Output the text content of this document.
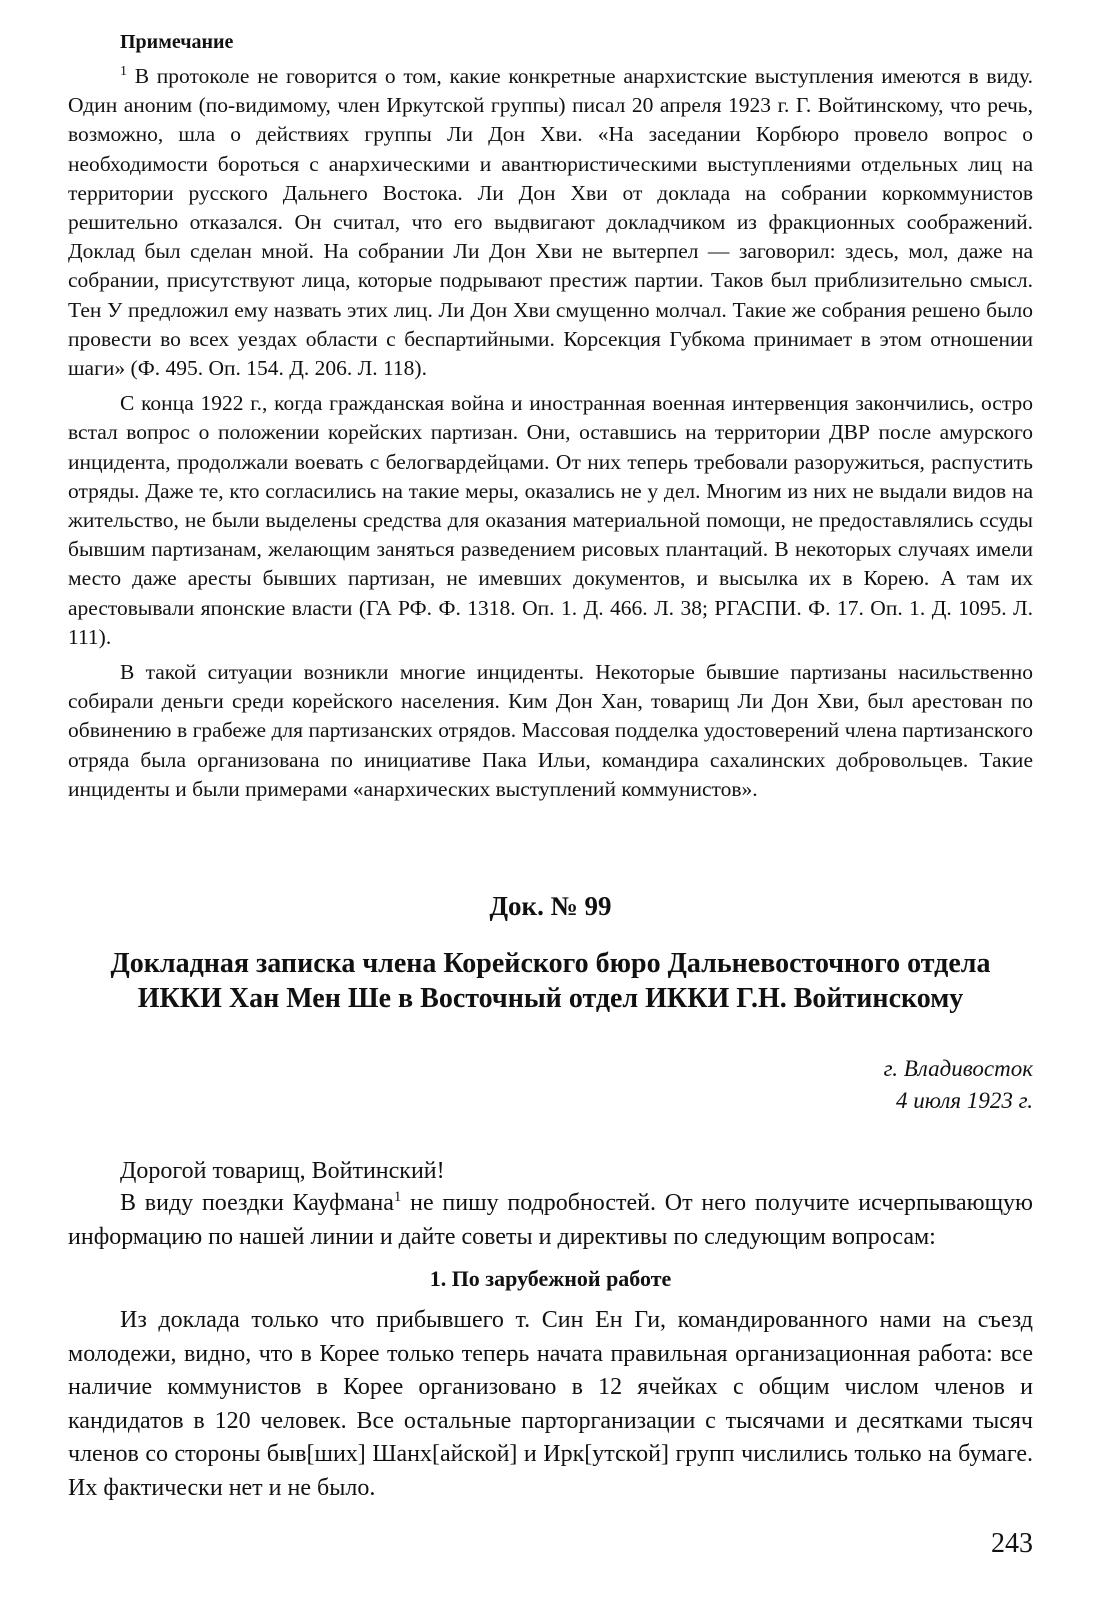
Примечание

$^1$ В протоколе не говорится о том, какие конкретные анархистские выступления имеются в виду. Один аноним (по-видимому, член Иркутской группы) писал 20 апреля 1923 г. Г. Войтинскому, что речь, возможно, шла о действиях группы Ли Дон Хви. «На заседании Корбюро провело вопрос о необходимости бороться с анархическими и авантюристическими выступлениями отдельных лиц на территории русского Дальнего Востока. Ли Дон Хви от доклада на собрании коркоммунистов решительно отказался. Он считал, что его выдвигают докладчиком из фракционных соображений. Доклад был сделан мной. На собрании Ли Дон Хви не вытерпел — заговорил: здесь, мол, даже на собрании, присутствуют лица, которые подрывают престиж партии. Таков был приблизительно смысл. Тен У предложил ему назвать этих лиц. Ли Дон Хви смущенно молчал. Такие же собрания решено было провести во всех уездах области с беспартийными. Корсекция Губкома принимает в этом отношении шаги» (Ф. 495. Оп. 154. Д. 206. Л. 118).

С конца 1922 г., когда гражданская война и иностранная военная интервенция закончились, остро встал вопрос о положении корейских партизан. Они, оставшись на территории ДВР после амурского инцидента, продолжали воевать с белогвардейцами. От них теперь требовали разоружиться, распустить отряды. Даже те, кто согласились на такие меры, оказались не у дел. Многим из них не выдали видов на жительство, не были выделены средства для оказания материальной помощи, не предоставлялись ссуды бывшим партизанам, желающим заняться разведением рисовых плантаций. В некоторых случаях имели место даже аресты бывших партизан, не имевших документов, и высылка их в Корею. А там их арестовывали японские власти (ГА РФ. Ф. 1318. Оп. 1. Д. 466. Л. 38; РГАСПИ. Ф. 17. Оп. 1. Д. 1095. Л. 111).

В такой ситуации возникли многие инциденты. Некоторые бывшие партизаны насильственно собирали деньги среди корейского населения. Ким Дон Хан, товарищ Ли Дон Хви, был арестован по обвинению в грабеже для партизанских отрядов. Массовая подделка удостоверений члена партизанского отряда была организована по инициативе Пака Ильи, командира сахалинских добровольцев. Такие инциденты и были примерами «анархических выступлений коммунистов».

Док. № 99
Докладная записка члена Корейского бюро Дальневосточного отдела
ИККИ Хан Мен Ше в Восточный отдел ИККИ Г.Н. Войтинскому

г. Владивосток

4 июля 1923 г.

Дорогой товарищ, Войтинский!

В виду поездки Кауфмана$^1$ не пишу подробностей. От него получите исчерпывающую информацию по нашей линии и дайте советы и директивы по следующим вопросам:

1. По зарубежной работе

Из доклада только что прибывшего т. Син Ен Ги, командированного нами на съезд молодежи, видно, что в Корее только теперь начата правильная организационная работа: все наличие коммунистов в Корее организовано в 12 ячейках с общим числом членов и кандидатов в 120 человек. Все остальные парторганизации с тысячами и десятками тысяч членов со стороны быв[ших] Шанх[айской] и Ирк[утской] групп числились только на бумаге. Их фактически нет и не было.

243
